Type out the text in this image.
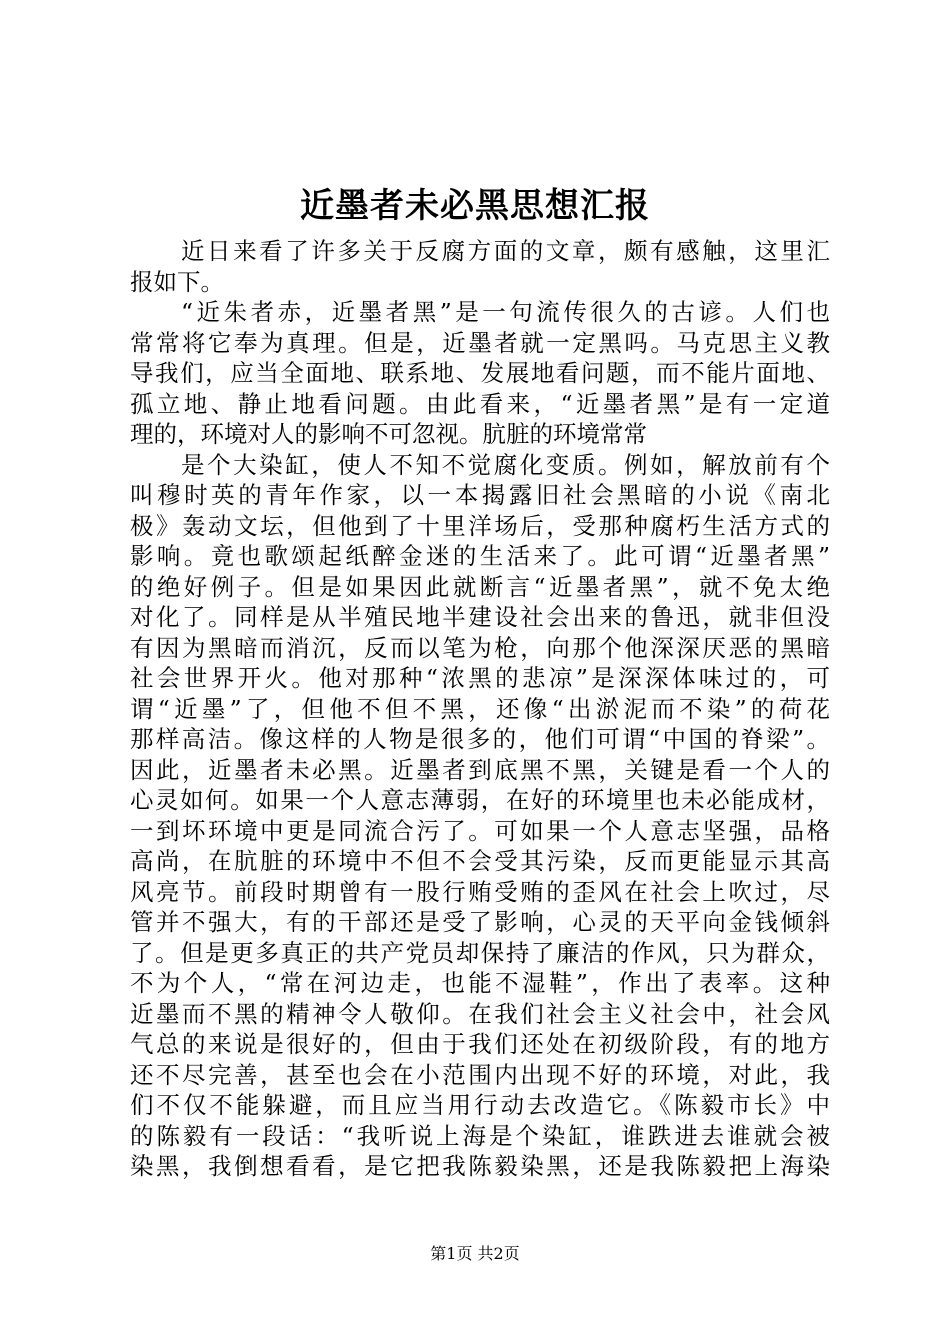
近墨者未必黑思想汇报
近日来看了许多关于反腐方面的文章，颇有感触，这里汇
报如下。
“近朱者赤，近墨者黑”是一句流传很久的古谚。人们也
常常将它奉为真理。但是，近墨者就一定黑吗。马克思主义教
导我们，应当全面地、联系地、发展地看问题，而不能片面地、
孤立地、静止地看问题。由此看来，“近墨者黑”是有一定道
理的，环境对人的影响不可忽视。肮脏的环境常常
是个大染缸，使人不知不觉腐化变质。例如，解放前有个
叫穆时英的青年作家，以一本揭露旧社会黑暗的小说《南北
极》轰动文坛，但他到了十里洋场后，受那种腐朽生活方式的
影响。竟也歌颂起纸醉金迷的生活来了。此可谓“近墨者黑”
的绝好例子。但是如果因此就断言“近墨者黑”，就不免太绝
对化了。同样是从半殖民地半建设社会出来的鲁迅，就非但没
有因为黑暗而消沉，反而以笔为枪，向那个他深深厌恶的黑暗
社会世界开火。他对那种“浓黑的悲凉”是深深体味过的，可
谓“近墨”了，但他不但不黑，还像“出淤泥而不染”的荷花
那样高洁。像这样的人物是很多的，他们可谓“中国的脊梁”。
因此，近墨者未必黑。近墨者到底黑不黑，关键是看一个人的
心灵如何。如果一个人意志薄弱，在好的环境里也未必能成材，
一到坏环境中更是同流合污了。可如果一个人意志坚强，品格
高尚，在肮脏的环境中不但不会受其污染，反而更能显示其高
风亮节。前段时期曾有一股行贿受贿的歪风在社会上吹过，尽
管并不强大，有的干部还是受了影响，心灵的天平向金钱倾斜
了。但是更多真正的共产党员却保持了廉洁的作风，只为群众，
不为个人，“常在河边走，也能不湿鞋”，作出了表率。这种
近墨而不黑的精神令人敬仰。在我们社会主义社会中，社会风
气总的来说是很好的，但由于我们还处在初级阶段，有的地方
还不尽完善，甚至也会在小范围内出现不好的环境，对此，我
们不仅不能躲避，而且应当用行动去改造它。《陈毅市长》中
的陈毅有一段话：“我听说上海是个染缸，谁跌进去谁就会被
染黑，我倒想看看，是它把我陈毅染黑，还是我陈毅把上海染
第1页 共2页
